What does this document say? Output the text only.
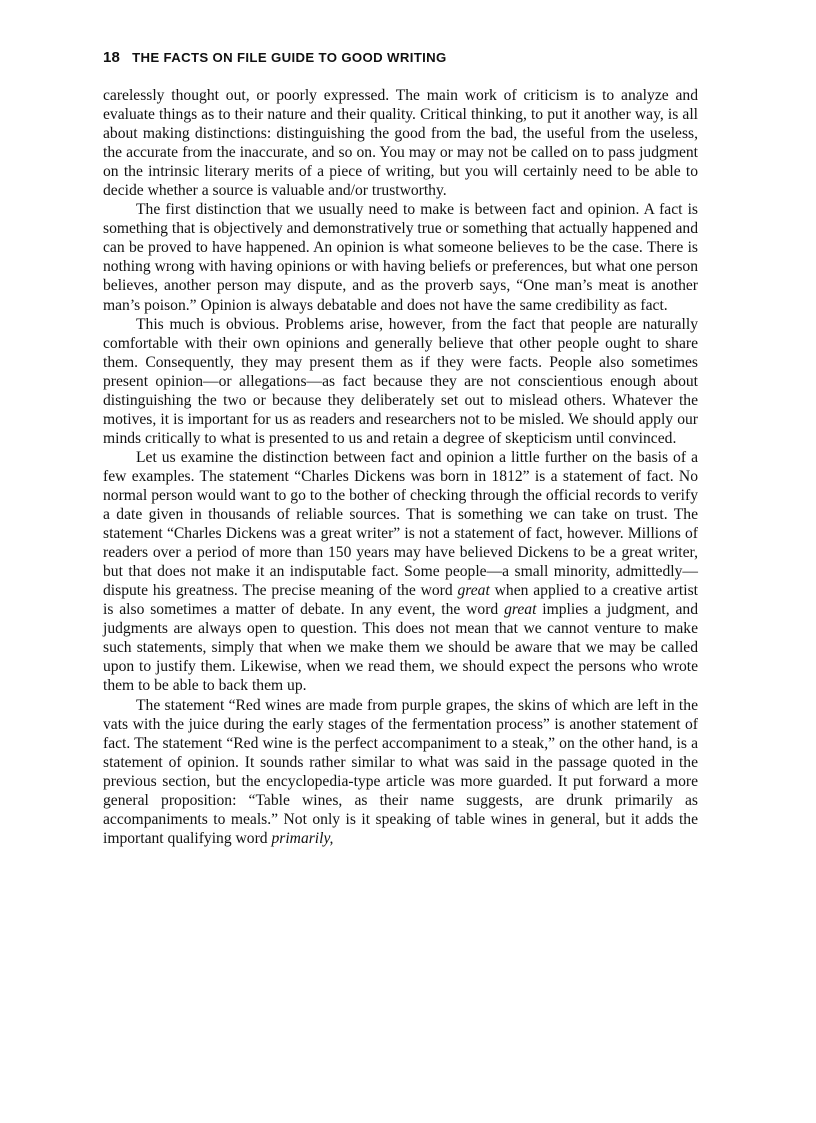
18 THE FACTS ON FILE GUIDE TO GOOD WRITING

carelessly thought out, or poorly expressed. The main work of criticism is to analyze and evaluate things as to their nature and their quality. Critical thinking, to put it another way, is all about making distinctions: distinguishing the good from the bad, the useful from the useless, the accurate from the inaccurate, and so on. You may or may not be called on to pass judgment on the intrinsic literary merits of a piece of writing, but you will certainly need to be able to decide whether a source is valuable and/or trustworthy.

The first distinction that we usually need to make is between fact and opinion. A fact is something that is objectively and demonstratively true or something that actually happened and can be proved to have happened. An opinion is what someone believes to be the case. There is nothing wrong with having opinions or with having beliefs or preferences, but what one person believes, another person may dispute, and as the proverb says, “One man’s meat is another man’s poison.” Opinion is always debatable and does not have the same credibility as fact.

This much is obvious. Problems arise, however, from the fact that people are naturally comfortable with their own opinions and generally believe that other people ought to share them. Consequently, they may present them as if they were facts. People also sometimes present opinion—or allegations—as fact because they are not conscientious enough about distinguishing the two or because they deliberately set out to mislead others. Whatever the motives, it is important for us as readers and researchers not to be misled. We should apply our minds critically to what is presented to us and retain a degree of skepticism until convinced.

Let us examine the distinction between fact and opinion a little further on the basis of a few examples. The statement “Charles Dickens was born in 1812” is a statement of fact. No normal person would want to go to the bother of checking through the official records to verify a date given in thousands of reliable sources. That is something we can take on trust. The statement “Charles Dickens was a great writer” is not a statement of fact, however. Millions of readers over a period of more than 150 years may have believed Dickens to be a great writer, but that does not make it an indisputable fact. Some people—a small minority, admittedly—dispute his greatness. The precise meaning of the word great when applied to a creative artist is also sometimes a matter of debate. In any event, the word great implies a judgment, and judgments are always open to question. This does not mean that we cannot venture to make such statements, simply that when we make them we should be aware that we may be called upon to justify them. Likewise, when we read them, we should expect the persons who wrote them to be able to back them up.

The statement “Red wines are made from purple grapes, the skins of which are left in the vats with the juice during the early stages of the fermentation process” is another statement of fact. The statement “Red wine is the perfect accompaniment to a steak,” on the other hand, is a statement of opinion. It sounds rather similar to what was said in the passage quoted in the previous section, but the encyclopedia-type article was more guarded. It put forward a more general proposition: “Table wines, as their name suggests, are drunk primarily as accompaniments to meals.” Not only is it speaking of table wines in general, but it adds the important qualifying word primarily,
